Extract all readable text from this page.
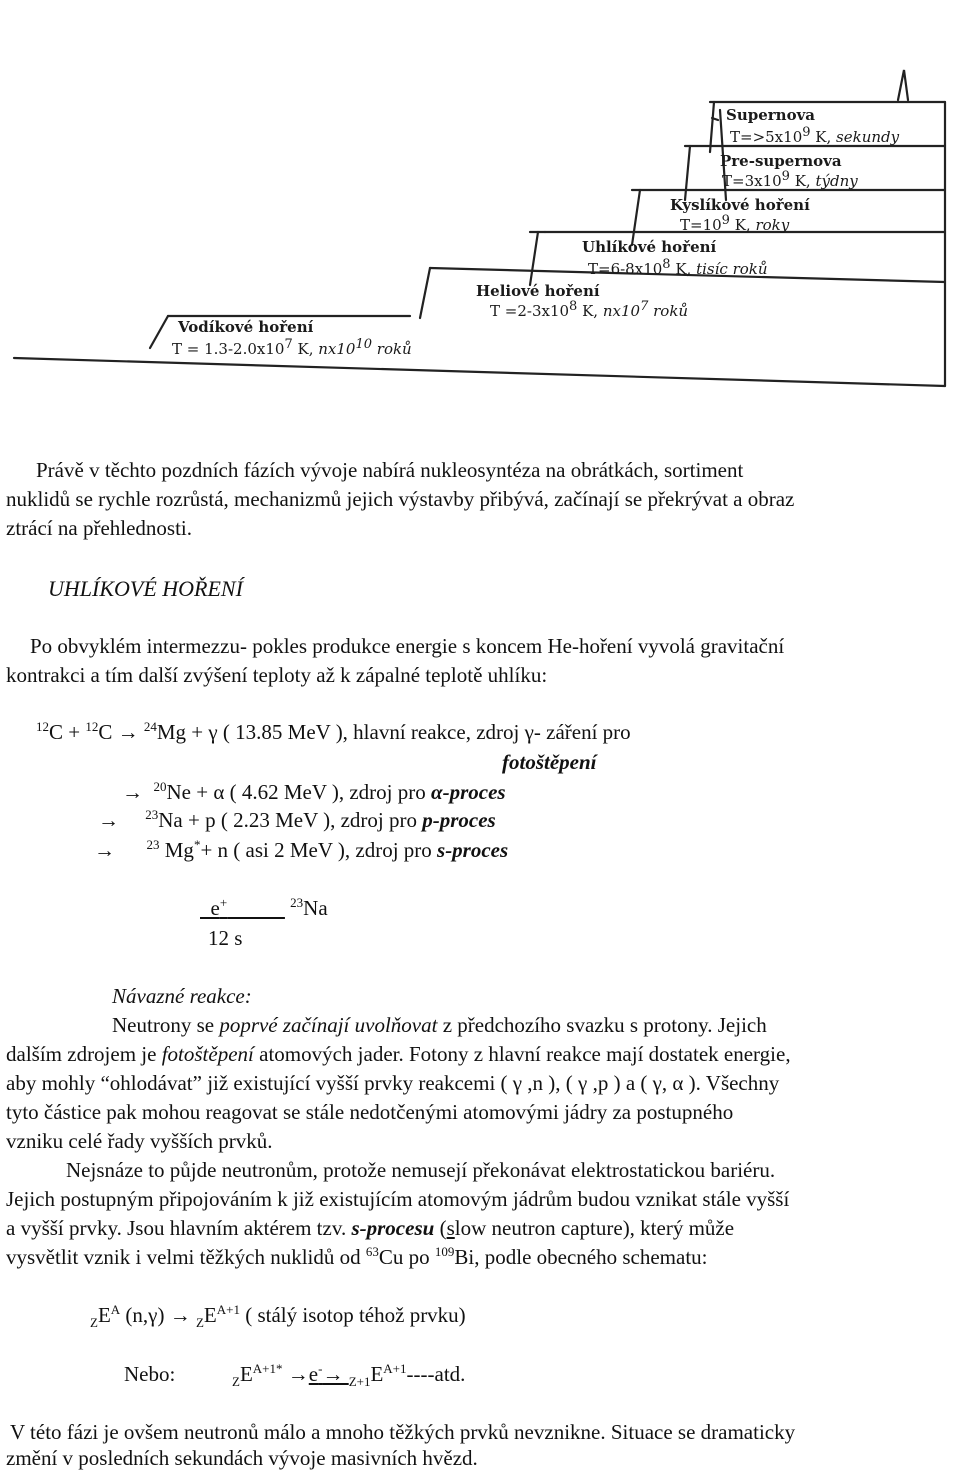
Vodíkové hoření
$T = 1.3-2.0x10^7$ K, $nx10^{10}$ roků
Heliové hoření
$T =2-3x10^8$ K, $nx10^7$ roků
Uhlíkové hoření
$T=6-8x10^8$ K, tisíc roků
Kyslíkové hoření
$T=10^9$ K, roky
Pre-supernova
$T=3x10^9$ K, týdny
Supernova
$T=>5x10^9$ K, sekundy

Právě v těchto pozdních fázích vývoje nabírá nukleosyntéza na obrátkách, sortiment

nuklidů se rychle rozrůstá, mechanizmů jejich výstavby přibývá, začínají se překrývat a obraz

ztrácí na přehlednosti.

UHLÍKOVÉ HOŘENÍ

Po obvyklém intermezzu- pokles produkce energie s koncem He-hoření vyvolá gravitační

kontrakci a tím další zvýšení teploty až k zápalné teplotě uhlíku:

$^{12}$C + $^{12}$C → $^{24}$Mg + γ ( 13.85 MeV ), hlavní reakce, zdroj γ- záření pro

fotoštěpení

→ $^{20}$Ne + α ( 4.62 MeV ), zdroj pro α-proces

→ $^{23}$Na + p ( 2.23 MeV ), zdroj pro p-proces

→ $^{23}$ Mg*+ n ( asi 2 MeV ), zdroj pro s-proces

e+	$^{23}$Na

12 s

Návazné reakce:

Neutrony se poprvé začínají uvolňovat z předchozího svazku s protony. Jejich

dalším zdrojem je fotoštěpení atomových jader. Fotony z hlavní reakce mají dostatek energie,

aby mohly “ohlodávat” již existující vyšší prvky reakcemi ( γ ,n ), ( γ ,p ) a ( γ, α ). Všechny

tyto částice pak mohou reagovat se stále nedotčenými atomovými jádry za postupného

vzniku celé řady vyšších prvků.

Nejsnáze to půjde neutronům, protože nemusejí překonávat elektrostatickou bariéru.

Jejich postupným připojováním k již existujícím atomovým jádrům budou vznikat stále vyšší

a vyšší prvky. Jsou hlavním aktérem tzv. s-procesu (slow neutron capture), který může

vysvětlit vznik i velmi těžkých nuklidů od $^{63}$Cu po $^{109}$Bi, podle obecného schematu:

$_ZE^A$ $(n,\gamma) \to _ZE^{A+1}$ ( stálý isotop téhož prvku)

Nebo:	$_ZE^{A+1*} \to e^-\to _{Z+1}E^{A+1}----atd$.

V této fázi je ovšem neutronů málo a mnoho těžkých prvků nevznikne. Situace se dramaticky

změní v posledních sekundách vývoje masivních hvězd.
